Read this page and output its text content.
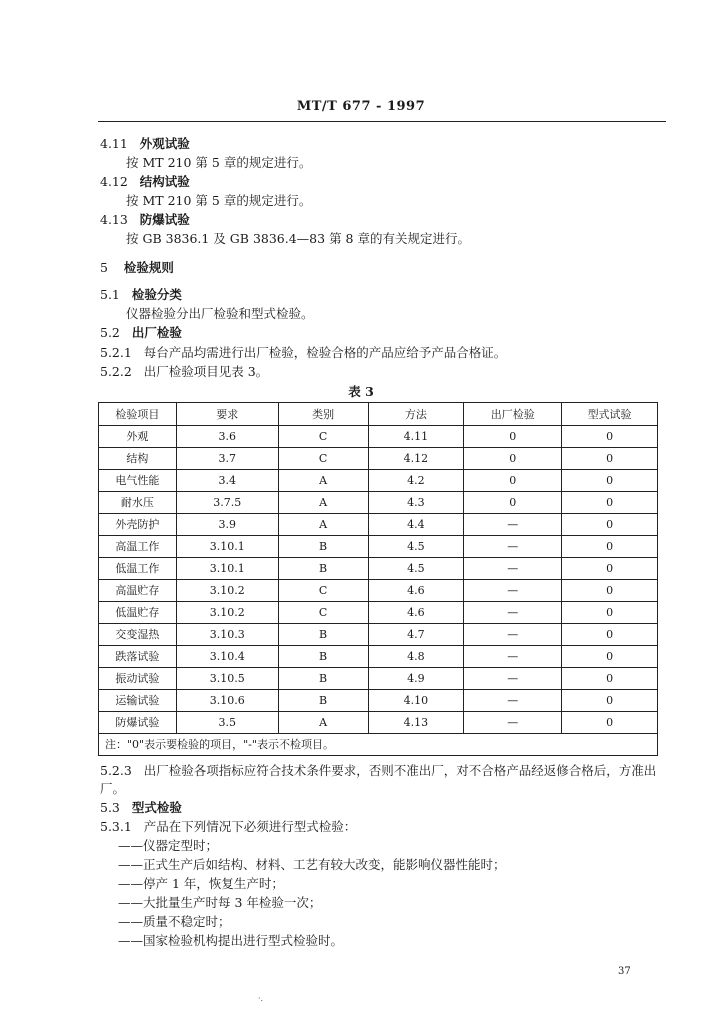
MT/T 677 - 1997
4.11 外观试验
按 MT 210 第 5 章的规定进行。
4.12 结构试验
按 MT 210 第 5 章的规定进行。
4.13 防爆试验
按 GB 3836.1 及 GB 3836.4—83 第 8 章的有关规定进行。
5 检验规则
5.1 检验分类
仪器检验分出厂检验和型式检验。
5.2 出厂检验
5.2.1 每台产品均需进行出厂检验，检验合格的产品应给予产品合格证。
5.2.2 出厂检验项目见表 3。
表 3
检验项目	要求	类别	方法	出厂检验	型式试验
外观	3.6	C	4.11	0	0
结构	3.7	C	4.12	0	0
电气性能	3.4	A	4.2	0	0
耐水压	3.7.5	A	4.3	0	0
外壳防护	3.9	A	4.4	—	0
高温工作	3.10.1	B	4.5	—	0
低温工作	3.10.1	B	4.5	—	0
高温贮存	3.10.2	C	4.6	—	0
低温贮存	3.10.2	C	4.6	—	0
交变湿热	3.10.3	B	4.7	—	0
跌落试验	3.10.4	B	4.8	—	0
振动试验	3.10.5	B	4.9	—	0
运输试验	3.10.6	B	4.10	—	0
防爆试验	3.5	A	4.13	—	0
注："0"表示要检验的项目，"-"表示不检项目。					
5.2.3 出厂检验各项指标应符合技术条件要求，否则不准出厂，对不合格产品经返修合格后，方准出
厂。
5.3 型式检验
5.3.1 产品在下列情况下必须进行型式检验：
——仪器定型时；
——正式生产后如结构、材料、工艺有较大改变，能影响仪器性能时；
——停产 1 年，恢复生产时；
——大批量生产时每 3 年检验一次；
——质量不稳定时；
——国家检验机构提出进行型式检验时。
37
·.
